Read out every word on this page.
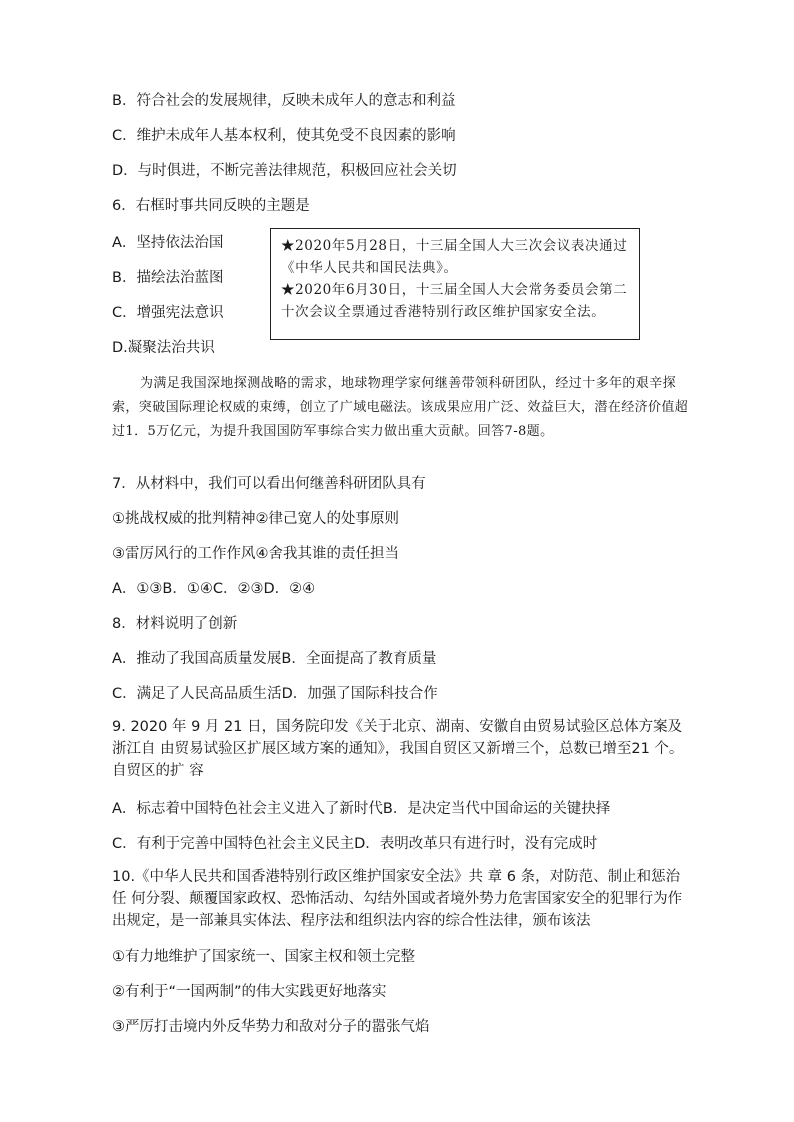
B．符合社会的发展规律，反映未成年人的意志和利益

C．维护未成年人基本权利，使其免受不良因素的影响

D．与时俱进，不断完善法律规范，积极回应社会关切

6．右框时事共同反映的主题是

A．坚持依法治国

B．描绘法治蓝图

C．增强宪法意识

D.凝聚法治共识

★2020年5月28日，十三届全国人大三次会议表决通过《中华人民共和国民法典》。

★2020年6月30日，十三届全国人大会常务委员会第二十次会议全票通过香港特别行政区维护国家安全法。

为满足我国深地探测战略的需求，地球物理学家何继善带领科研团队，经过十多年的艰辛探索，突破国际理论权威的束缚，创立了广域电磁法。该成果应用广泛、效益巨大，潜在经济价值超过1．5万亿元，为提升我国国防军事综合实力做出重大贡献。回答7-8题。

7．从材料中，我们可以看出何继善科研团队具有

①挑战权威的批判精神②律己宽人的处事原则

③雷厉风行的工作作风④舍我其谁的责任担当

A．①③B．①④C．②③D．②④

8．材料说明了创新

A．推动了我国高质量发展B．全面提高了教育质量

C．满足了人民高品质生活D．加强了国际科技合作

9. 2020 年 9 月 21 日，国务院印发《关于北京、湖南、安徽自由贸易试验区总体方案及浙江自 由贸易试验区扩展区域方案的通知》，我国自贸区又新增三个，总数已增至21 个。自贸区的扩 容

A．标志着中国特色社会主义进入了新时代B．是决定当代中国命运的关键抉择

C．有利于完善中国特色社会主义民主D．表明改革只有进行时，没有完成时

10.《中华人民共和国香港特别行政区维护国家安全法》共 章 6 条，对防范、制止和惩治任 何分裂、颠覆国家政权、恐怖活动、勾结外国或者境外势力危害国家安全的犯罪行为作出规定，是一部兼具实体法、程序法和组织法内容的综合性法律，颁布该法

①有力地维护了国家统一、国家主权和领土完整

②有利于“一国两制”的伟大实践更好地落实

③严厉打击境内外反华势力和敌对分子的嚣张气焰
